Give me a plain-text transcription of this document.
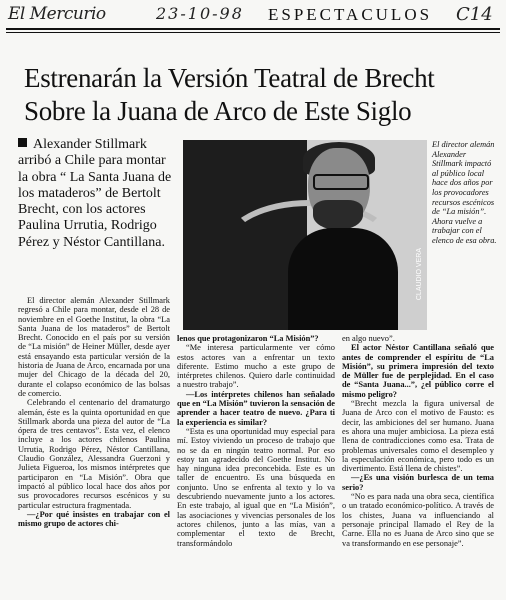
El Mercurio	23-10-98 ESPECTACULOS C14
Estrenarán la Versión Teatral de Brecht
Sobre la Juana de Arco de Este Siglo
Alexander Stillmark arribó a Chile para montar la obra “ La Santa Juana de los mataderos” de Bertolt Brecht, con los actores Paulina Urrutia, Rodrigo Pérez y Néstor Cantillana.
CLAUDIO VERA
El director alemán Alexander Stillmark impactó al público local hace dos años por los provocadores recursos escénicos de “La misión”. Ahora vuelve a trabajar con el elenco de esa obra.

El director alemán Alexander Stillmark regresó a Chile para montar, desde el 28 de noviembre en el Goethe Institut, la obra “La Santa Juana de los mataderos” de Bertolt Brecht. Conocido en el país por su versión de “La misión” de Heiner Müller, desde ayer está ensayando esta particular versión de la historia de Juana de Arco, encarnada por una mujer del Chicago de la década del 20, durante el colapso económico de las bolsas de comercio.

Celebrando el centenario del dramaturgo alemán, éste es la quinta oportunidad en que Stillmark aborda una pieza del autor de “La ópera de tres centavos”. Esta vez, el elenco incluye a los actores chilenos Paulina Urrutia, Rodrigo Pérez, Néstor Cantillana, Claudio González, Alessandra Guerzoni y Julieta Figueroa, los mismos intérpretes que participaron en “La Misión”. Obra que impactó al público local hace dos años por sus provocadores recursos escénicos y su particular estructura fragmentada.

—¿Por qué insistes en trabajar con el mismo grupo de actores chi-

lenos que protagonizaron “La Misión”?

“Me interesa particularmente ver cómo estos actores van a enfrentar un texto diferente. Estimo mucho a este grupo de intérpretes chilenos. Quiero darle continuidad a nuestro trabajo”.

—Los intérpretes chilenos han señalado que en “La Misión” tuvieron la sensación de aprender a hacer teatro de nuevo. ¿Para ti la experiencia es similar?

“Esta es una oportunidad muy especial para mí. Estoy viviendo un proceso de trabajo que no se da en ningún teatro normal. Por eso estoy tan agradecido del Goethe Institut. No hay ninguna idea preconcebida. Este es un taller de encuentro. Es una búsqueda en conjunto. Uno se enfrenta al texto y lo va descubriendo nuevamente junto a los actores. En este trabajo, al igual que en “La Misión”, las asociaciones y vivencias personales de los actores chilenos, junto a las mías, van a complementar el texto de Brecht, transformándolo

en algo nuevo”.

El actor Néstor Cantillana señaló que antes de comprender el espíritu de “La Misión”, su primera impresión del texto de Müller fue de perplejidad. En el caso de “Santa Juana...”, ¿el público corre el mismo peligro?

“Brecht mezcla la figura universal de Juana de Arco con el motivo de Fausto: es decir, las ambiciones del ser humano. Juana es ahora una mujer ambiciosa. La pieza está llena de contradicciones como esa. Trata de problemas universales como el desempleo y la especulación económica, pero todo es un divertimento. Está llena de chistes”.

—¿Es una visión burlesca de un tema serio?

“No es para nada una obra seca, científica o un tratado económico-político. A través de los chistes, Juana va influenciando al personaje principal llamado el Rey de la Carne. Ella no es Juana de Arco sino que se va transformando en ese personaje”.
